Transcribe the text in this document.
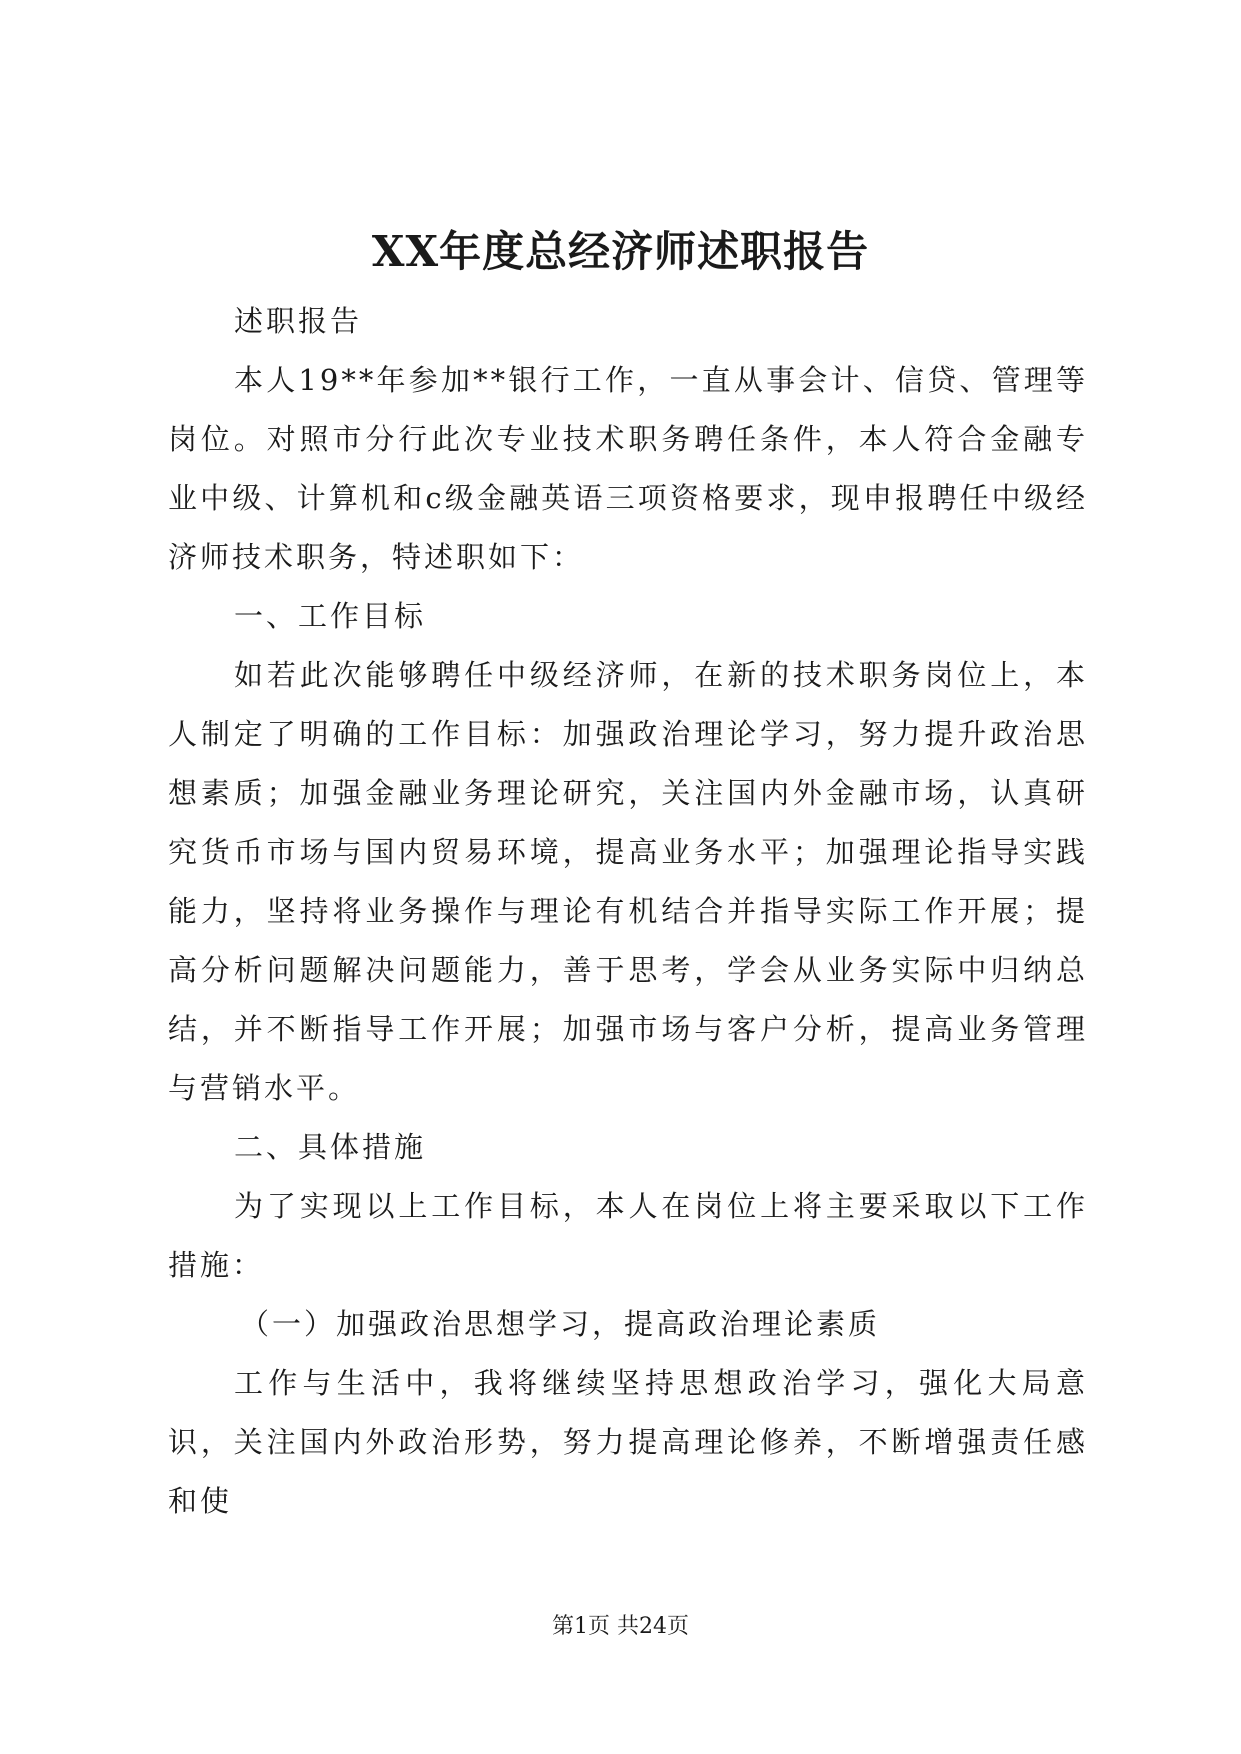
XX年度总经济师述职报告

述职报告

本人19**年参加**银行工作，一直从事会计、信贷、管理等岗位。对照市分行此次专业技术职务聘任条件，本人符合金融专业中级、计算机和c级金融英语三项资格要求，现申报聘任中级经济师技术职务，特述职如下：

一、工作目标

如若此次能够聘任中级经济师，在新的技术职务岗位上，本人制定了明确的工作目标：加强政治理论学习，努力提升政治思想素质；加强金融业务理论研究，关注国内外金融市场，认真研究货币市场与国内贸易环境，提高业务水平；加强理论指导实践能力，坚持将业务操作与理论有机结合并指导实际工作开展；提高分析问题解决问题能力，善于思考，学会从业务实际中归纳总结，并不断指导工作开展；加强市场与客户分析，提高业务管理与营销水平。

二、具体措施

为了实现以上工作目标，本人在岗位上将主要采取以下工作措施：

（一）加强政治思想学习，提高政治理论素质

工作与生活中，我将继续坚持思想政治学习，强化大局意识，关注国内外政治形势，努力提高理论修养，不断增强责任感和使

第1页 共24页
